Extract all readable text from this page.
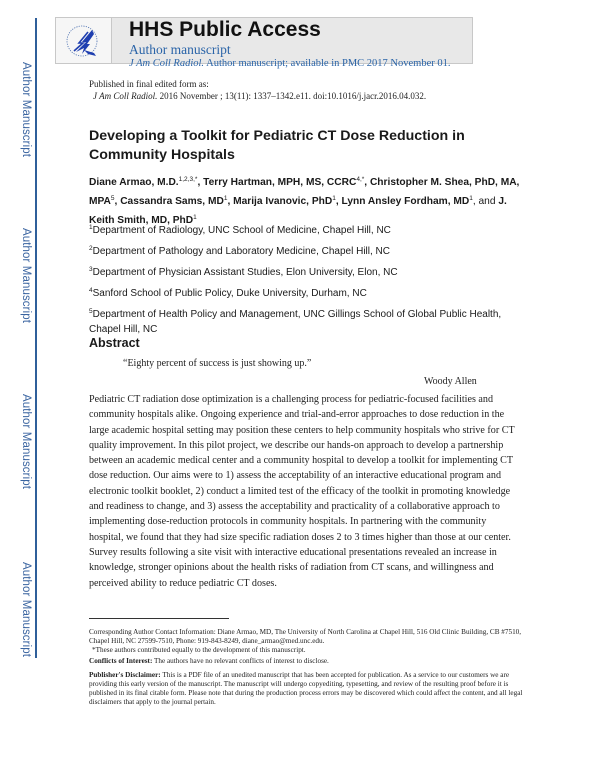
Author Manuscript
Author Manuscript
Author Manuscript
Author Manuscript
HHS Public Access
Author manuscript
J Am Coll Radiol. Author manuscript; available in PMC 2017 November 01.
Published in final edited form as:
J Am Coll Radiol. 2016 November ; 13(11): 1337–1342.e11. doi:10.1016/j.jacr.2016.04.032.
Developing a Toolkit for Pediatric CT Dose Reduction in Community Hospitals
Diane Armao, M.D.$^{1,2,3,*}$, Terry Hartman, MPH, MS, $CCRC^{4,*}$, Christopher M. Shea, PhD, MA, MPA$^5$, Cassandra Sams, $MD^1$, Marija Ivanovic, PhD$^1$, Lynn Ansley Fordham, $MD^1$, and J. Keith Smith, MD, PhD$^1$
$^1$Department of Radiology, UNC School of Medicine, Chapel Hill, NC
$^2$Department of Pathology and Laboratory Medicine, Chapel Hill, NC
$^3$Department of Physician Assistant Studies, Elon University, Elon, NC
$^4$Sanford School of Public Policy, Duke University, Durham, NC
$^5$Department of Health Policy and Management, UNC Gillings School of Global Public Health, Chapel Hill, NC
Abstract
“Eighty percent of success is just showing up.”
Woody Allen
Pediatric CT radiation dose optimization is a challenging process for pediatric-focused facilities and community hospitals alike. Ongoing experience and trial-and-error approaches to dose reduction in the large academic hospital setting may position these centers to help community hospitals who strive for CT quality improvement. In this pilot project, we describe our hands-on approach to develop a partnership between an academic medical center and a community hospital to develop a toolkit for implementing CT dose reduction. Our aims were to 1) assess the acceptability of an interactive educational program and electronic toolkit booklet, 2) conduct a limited test of the efficacy of the toolkit in promoting knowledge and readiness to change, and 3) assess the acceptability and practicality of a collaborative approach to implementing dose-reduction protocols in community hospitals. In partnering with the community hospital, we found that they had size specific radiation doses 2 to 3 times higher than those at our center. Survey results following a site visit with interactive educational presentations revealed an increase in knowledge, stronger opinions about the health risks of radiation from CT scans, and willingness and perceived ability to reduce pediatric CT doses.
Corresponding Author Contact Information: Diane Armao, MD, The University of North Carolina at Chapel Hill, 516 Old Clinic Building, CB #7510, Chapel Hill, NC 27599-7510, Phone: 919-843-8249, diane_armao@med.unc.edu.
*These authors contributed equally to the development of this manuscript.
Conflicts of Interest: The authors have no relevant conflicts of interest to disclose.
Publisher's Disclaimer: This is a PDF file of an unedited manuscript that has been accepted for publication. As a service to our customers we are providing this early version of the manuscript. The manuscript will undergo copyediting, typesetting, and review of the resulting proof before it is published in its final citable form. Please note that during the production process errors may be discovered which could affect the content, and all legal disclaimers that apply to the journal pertain.
